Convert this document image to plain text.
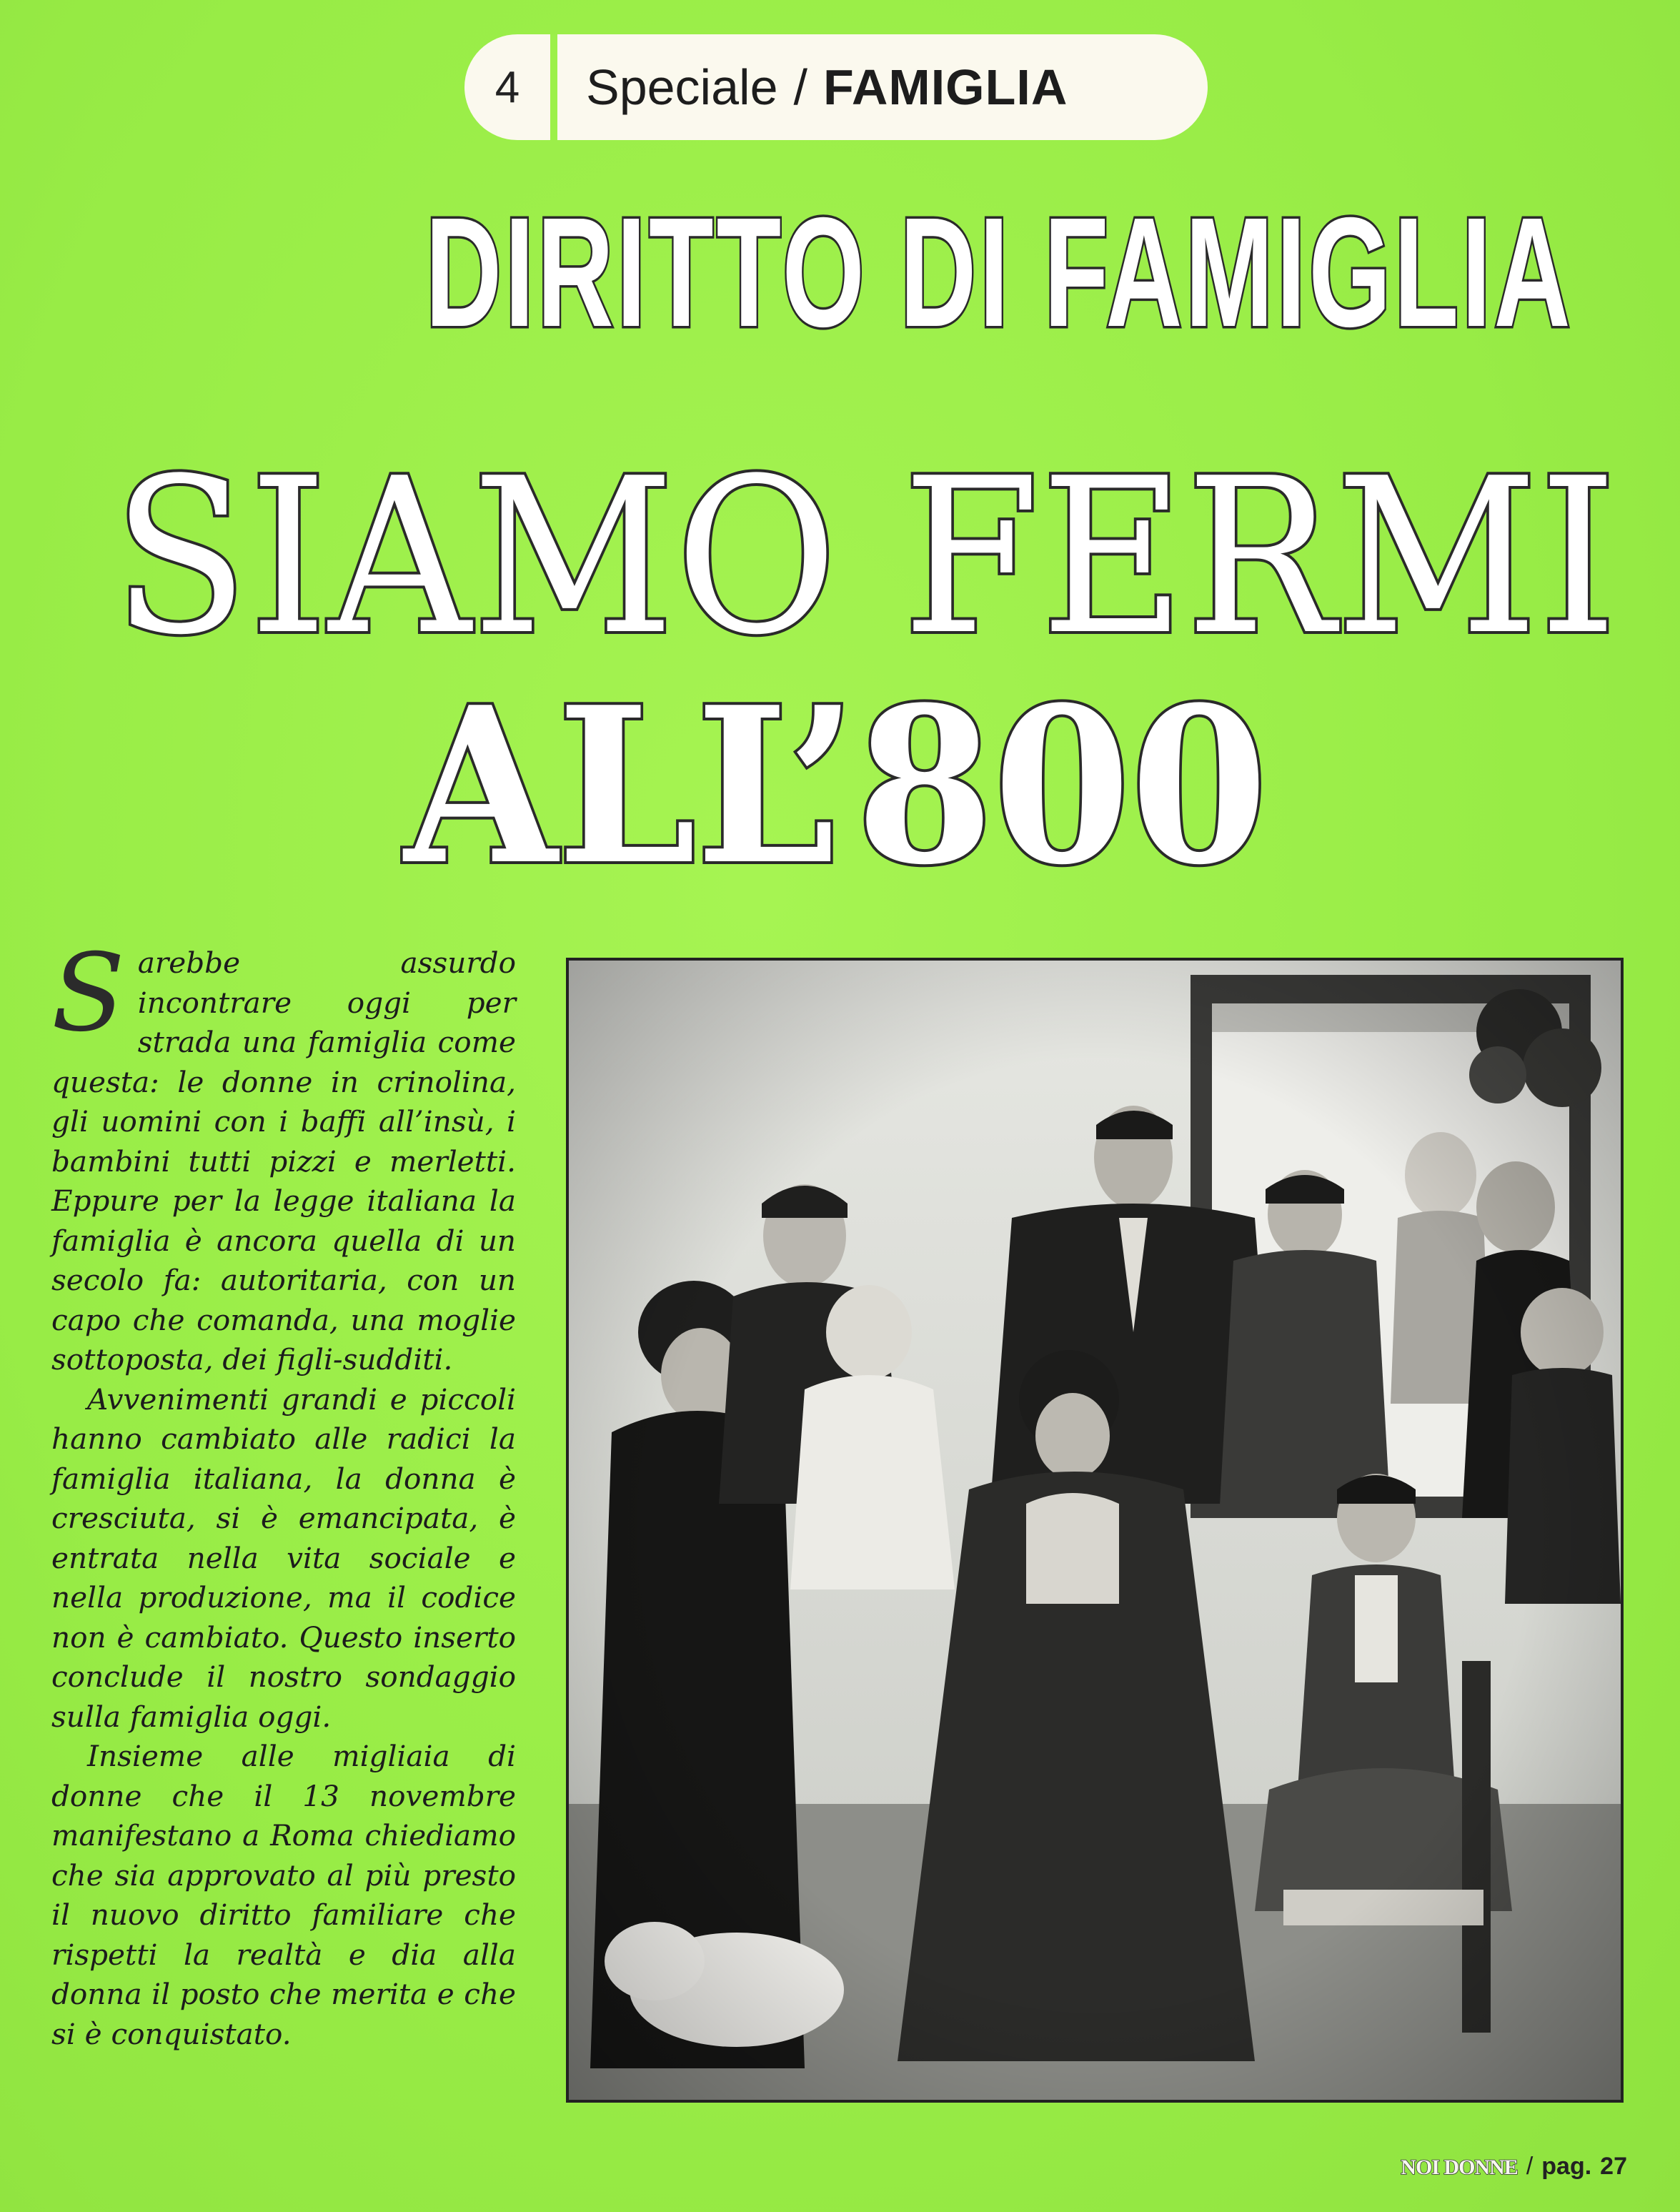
4	Speciale / FAMIGLIA
DIRITTO DI FAMIGLIA
SIAMO FERMI
ALL’800

Sarebbe assurdo incontrare oggi per strada una famiglia come questa: le donne in crinolina, gli uomini con i baffi all’insù, i bambini tutti pizzi e merletti. Eppure per la legge italiana la famiglia è ancora quella di un secolo fa: autoritaria, con un capo che comanda, una moglie sottoposta, dei figli-sudditi.

Avvenimenti grandi e piccoli hanno cambiato alle radici la famiglia italiana, la donna è cresciuta, si è emancipata, è entrata nella vita sociale e nella produzione, ma il codice non è cambiato. Questo inserto conclude il nostro sondaggio sulla famiglia oggi.

Insieme alle migliaia di donne che il 13 novembre manifestano a Roma chiediamo che sia approvato al più presto il nuovo diritto familiare che rispetti la realtà e dia alla donna il posto che merita e che si è conquistato.

NOI DONNE / pag. 27
